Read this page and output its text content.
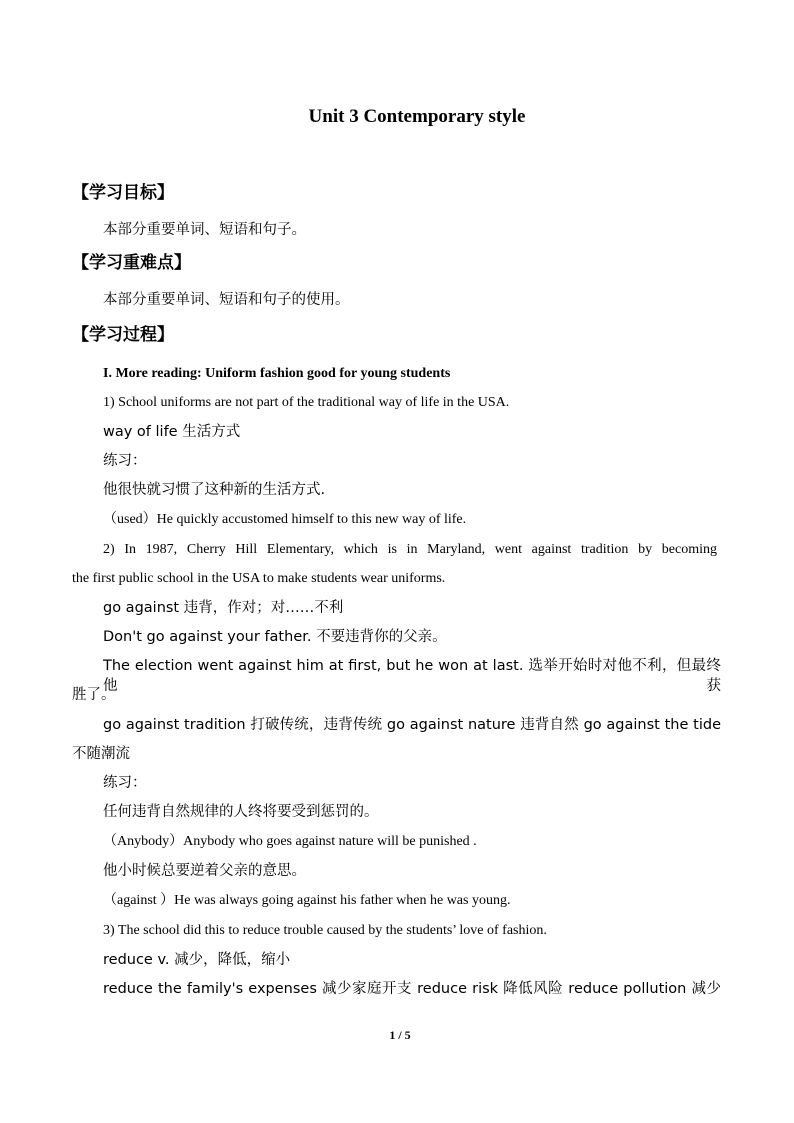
Unit 3 Contemporary style
【学习目标】
本部分重要单词、短语和句子。
【学习重难点】
本部分重要单词、短语和句子的使用。
【学习过程】
I. More reading: Uniform fashion good for young students
1) School uniforms are not part of the traditional way of life in the USA.
way of life 生活方式
练习：
他很快就习惯了这种新的生活方式.
（used）He quickly accustomed himself to this new way of life.
2) In 1987, Cherry Hill Elementary, which is in Maryland, went against tradition by becoming
the first public school in the USA to make students wear uniforms.
go against 违背，作对；对……不利
Don't go against your father. 不要违背你的父亲。
The election went against him at first, but he won at last. 选举开始时对他不利，但最终他获
胜了。
go against tradition 打破传统，违背传统 go against nature 违背自然 go against the tide
不随潮流
练习：
任何违背自然规律的人终将要受到惩罚的。
（Anybody）Anybody who goes against nature will be punished .
他小时候总要逆着父亲的意思。
（against ）He was always going against his father when he was young.
3) The school did this to reduce trouble caused by the students’ love of fashion.
reduce v. 减少，降低，缩小
reduce the family's expenses 减少家庭开支 reduce risk 降低风险 reduce pollution 减少
1 / 5
